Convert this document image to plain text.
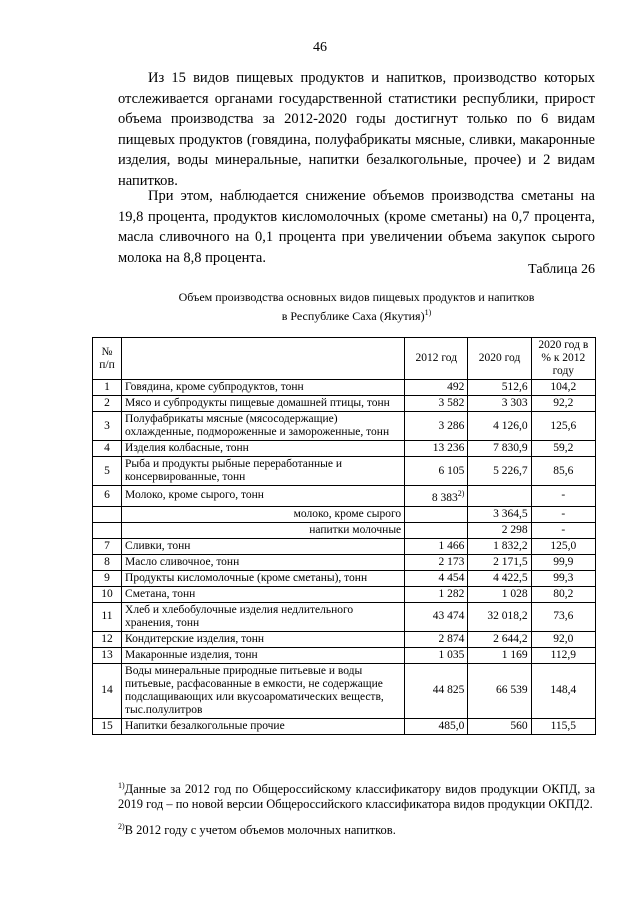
46

Из 15 видов пищевых продуктов и напитков, производство которых отслеживается органами государственной статистики республики, прирост объема производства за 2012-2020 годы достигнут только по 6 видам пищевых продуктов (говядина, полуфабрикаты мясные, сливки, макаронные изделия, воды минеральные, напитки безалкогольные, прочее) и 2 видам напитков.

При этом, наблюдается снижение объемов производства сметаны на 19,8 процента, продуктов кисломолочных (кроме сметаны) на 0,7 процента, масла сливочного на 0,1 процента при увеличении объема закупок сырого молока на 8,8 процента.

Таблица 26
Объем производства основных видов пищевых продуктов и напитков
в Республике Саха (Якутия)$^{1)}$
№ п/п		2012 год	2020 год	2020 год в % к 2012 году
1	Говядина, кроме субпродуктов, тонн	492	512,6	104,2
2	Мясо и субпродукты пищевые домашней птицы, тонн	3 582	3 303	92,2
3	Полуфабрикаты мясные (мясосодержащие) охлажденные, подмороженные и замороженные, тонн	3 286	4 126,0	125,6
4	Изделия колбасные, тонн	13 236	7 830,9	59,2
5	Рыба и продукты рыбные переработанные и консервированные, тонн	6 105	5 226,7	85,6
6	Молоко, кроме сырого, тонн	8 383$^{2)}$		-
	молоко, кроме сырого		3 364,5	-
	напитки молочные		2 298	-
7	Сливки, тонн	1 466	1 832,2	125,0
8	Масло сливочное, тонн	2 173	2 171,5	99,9
9	Продукты кисломолочные (кроме сметаны), тонн	4 454	4 422,5	99,3
10	Сметана, тонн	1 282	1 028	80,2
11	Хлеб и хлебобулочные изделия недлительного хранения, тонн	43 474	32 018,2	73,6
12	Кондитерские изделия, тонн	2 874	2 644,2	92,0
13	Макаронные изделия, тонн	1 035	1 169	112,9
14	Воды минеральные природные питьевые и воды питьевые, расфасованные в емкости, не содержащие подслащивающих или вкусоароматических веществ, тыс.полулитров	44 825	66 539	148,4
15	Напитки безалкогольные прочие	485,0	560	115,5

$^{1)}$Данные за 2012 год по Общероссийскому классификатору видов продукции ОКПД, за 2019 год – по новой версии Общероссийского классификатора видов продукции ОКПД2.

$^{2)}$В 2012 году с учетом объемов молочных напитков.
